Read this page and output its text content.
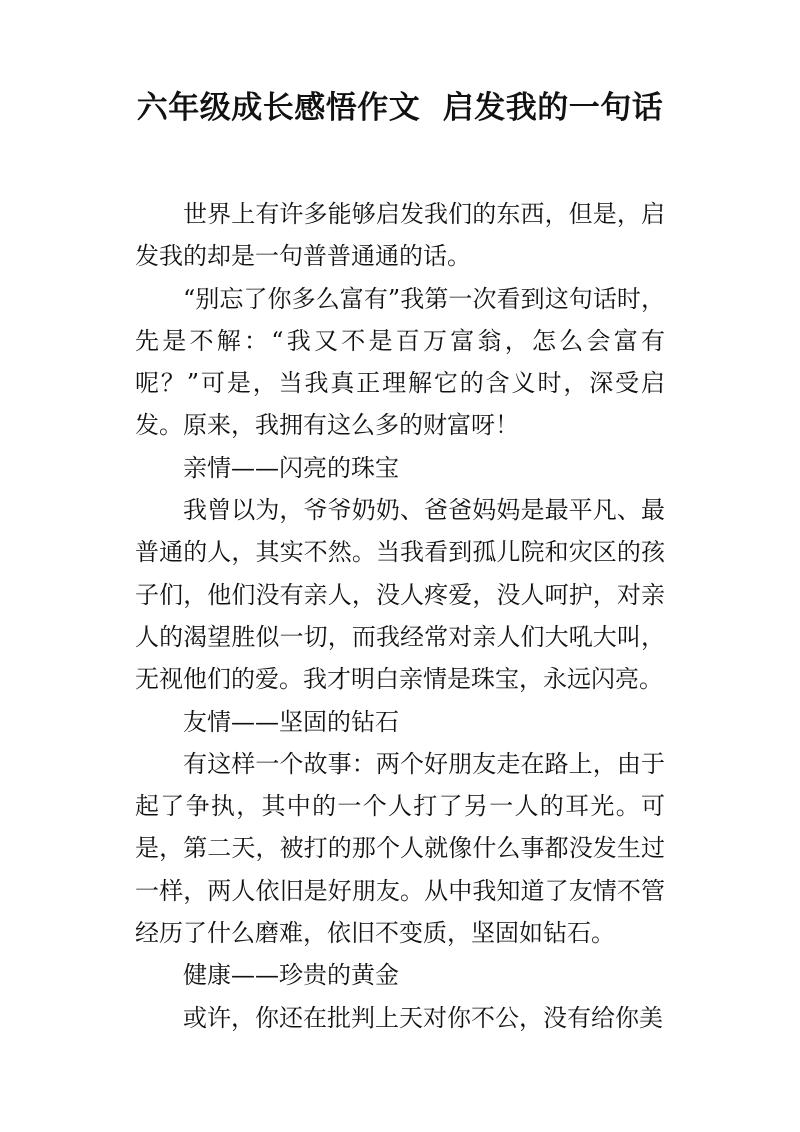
六年级成长感悟作文  启发我的一句话

世界上有许多能够启发我们的东西，但是，启发我的却是一句普普通通的话。

“别忘了你多么富有”我第一次看到这句话时，先是不解：“我又不是百万富翁，怎么会富有呢？”可是，当我真正理解它的含义时，深受启发。原来，我拥有这么多的财富呀！

亲情——闪亮的珠宝

我曾以为，爷爷奶奶、爸爸妈妈是最平凡、最普通的人，其实不然。当我看到孤儿院和灾区的孩子们，他们没有亲人，没人疼爱，没人呵护，对亲人的渴望胜似一切，而我经常对亲人们大吼大叫，无视他们的爱。我才明白亲情是珠宝，永远闪亮。

友情——坚固的钻石

有这样一个故事：两个好朋友走在路上，由于起了争执，其中的一个人打了另一人的耳光。可是，第二天，被打的那个人就像什么事都没发生过一样，两人依旧是好朋友。从中我知道了友情不管经历了什么磨难，依旧不变质，坚固如钻石。

健康——珍贵的黄金

或许，你还在批判上天对你不公，没有给你美
